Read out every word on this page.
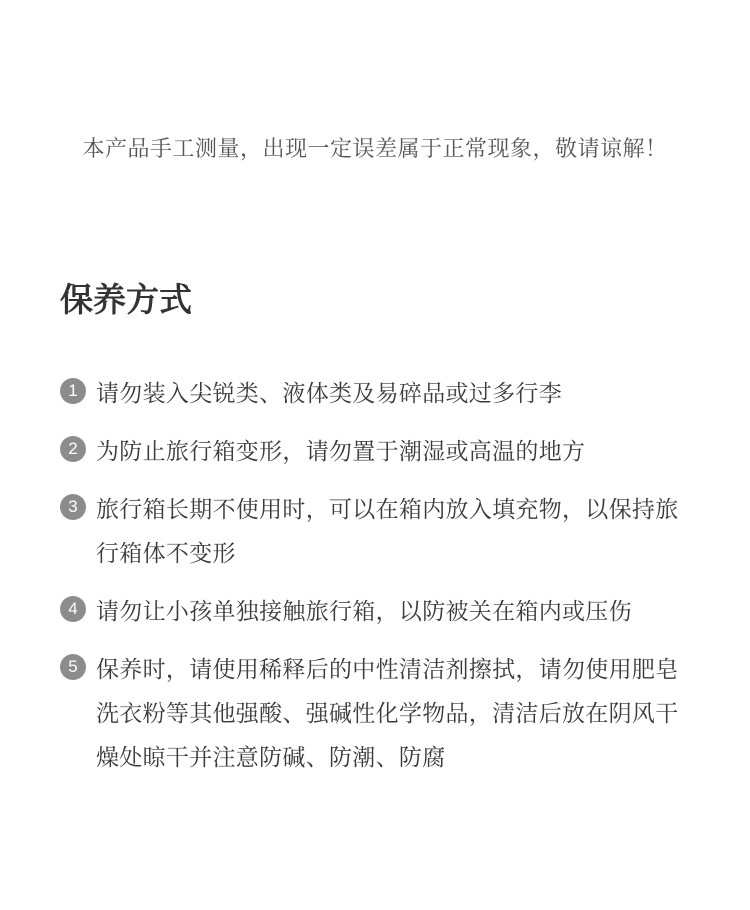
本产品手工测量，出现一定误差属于正常现象，敬请谅解！
保养方式
1 请勿装入尖锐类、液体类及易碎品或过多行李
2 为防止旅行箱变形，请勿置于潮湿或高温的地方
3 旅行箱长期不使用时，可以在箱内放入填充物，以保持旅行箱体不变形
4 请勿让小孩单独接触旅行箱，以防被关在箱内或压伤
5 保养时，请使用稀释后的中性清洁剂擦拭，请勿使用肥皂洗衣粉等其他强酸、强碱性化学物品，清洁后放在阴风干燥处晾干并注意防碱、防潮、防腐
